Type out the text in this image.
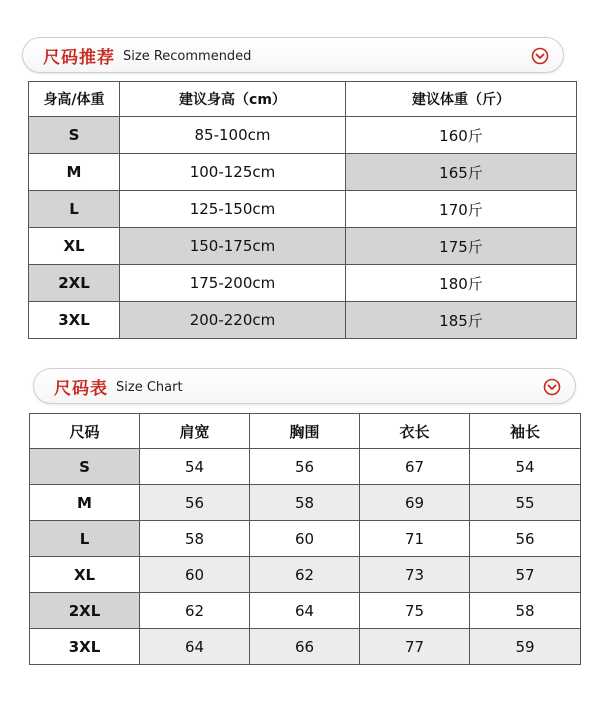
尺码推荐 Size Recommended
身高/体重	建议身高（cm）	建议体重（斤）
S	85-100cm	160斤
M	100-125cm	165斤
L	125-150cm	170斤
XL	150-175cm	175斤
2XL	175-200cm	180斤
3XL	200-220cm	185斤
尺码表 Size Chart
尺码	肩宽	胸围	衣长	袖长
S	54	56	67	54
M	56	58	69	55
L	58	60	71	56
XL	60	62	73	57
2XL	62	64	75	58
3XL	64	66	77	59
